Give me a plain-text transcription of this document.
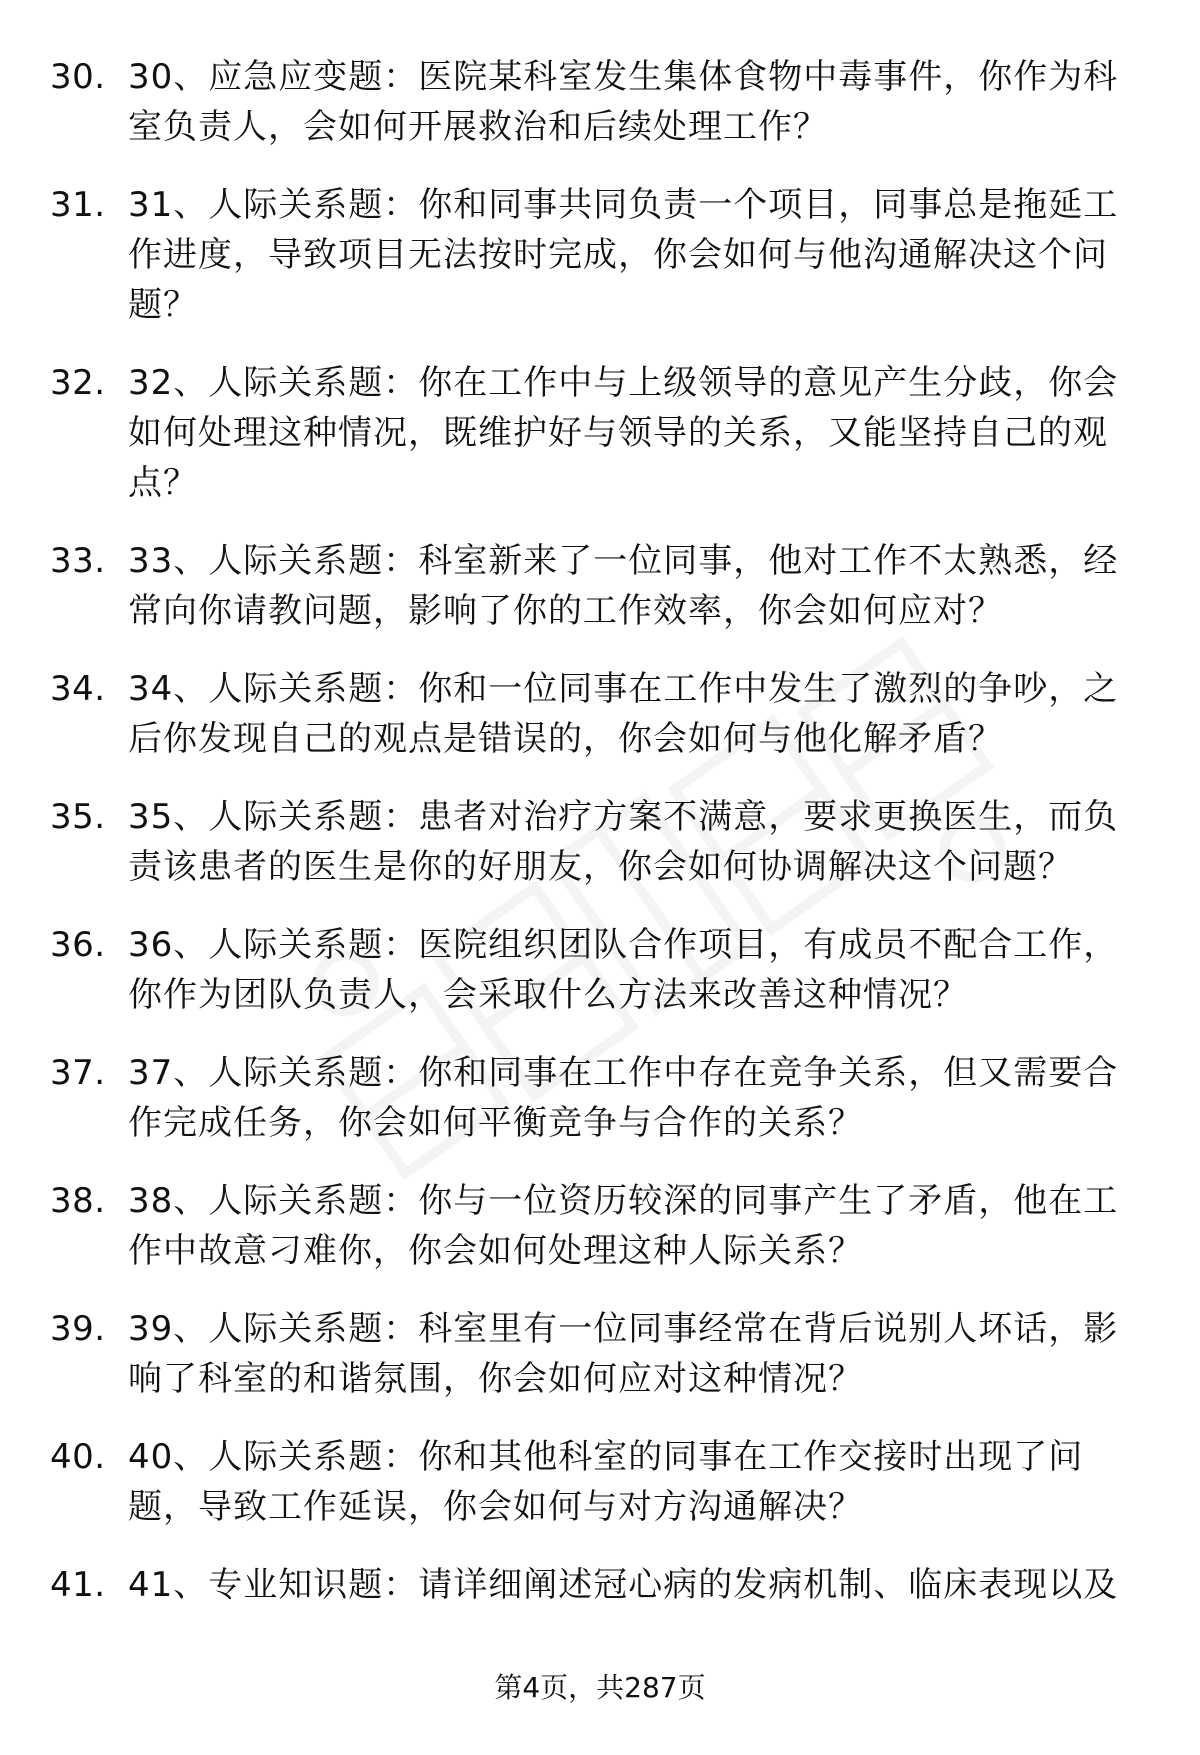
30. 30、应急应变题：医院某科室发生集体食物中毒事件，你作为科室负责人，会如何开展救治和后续处理工作？
31. 31、人际关系题：你和同事共同负责一个项目，同事总是拖延工作进度，导致项目无法按时完成，你会如何与他沟通解决这个问题？
32. 32、人际关系题：你在工作中与上级领导的意见产生分歧，你会如何处理这种情况，既维护好与领导的关系，又能坚持自己的观点？
33. 33、人际关系题：科室新来了一位同事，他对工作不太熟悉，经常向你请教问题，影响了你的工作效率，你会如何应对？
34. 34、人际关系题：你和一位同事在工作中发生了激烈的争吵，之后你发现自己的观点是错误的，你会如何与他化解矛盾？
35. 35、人际关系题：患者对治疗方案不满意，要求更换医生，而负责该患者的医生是你的好朋友，你会如何协调解决这个问题？
36. 36、人际关系题：医院组织团队合作项目，有成员不配合工作，你作为团队负责人，会采取什么方法来改善这种情况？
37. 37、人际关系题：你和同事在工作中存在竞争关系，但又需要合作完成任务，你会如何平衡竞争与合作的关系？
38. 38、人际关系题：你与一位资历较深的同事产生了矛盾，他在工作中故意刁难你，你会如何处理这种人际关系？
39. 39、人际关系题：科室里有一位同事经常在背后说别人坏话，影响了科室的和谐氛围，你会如何应对这种情况？
40. 40、人际关系题：你和其他科室的同事在工作交接时出现了问题，导致工作延误，你会如何与对方沟通解决？
41. 41、专业知识题：请详细阐述冠心病的发病机制、临床表现以及
第4页，共287页
